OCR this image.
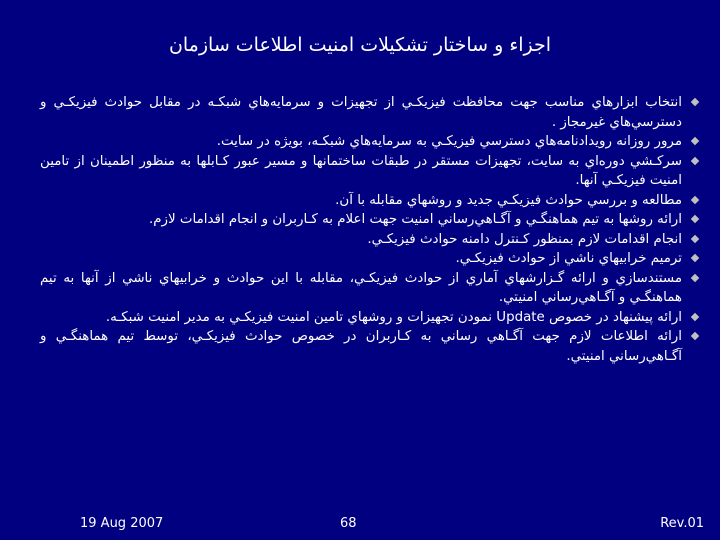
اجزاء و ساختار تشكيلات امنيت اطلاعات سازمان
انتخاب ابزارهاي مناسب جهت محافظت فيزيكـي از تجهيزات و سرمايه‌هاي شبكـه در مقابل حوادث فيزيكـي و دسترسي‌هاي غيرمجاز .
مرور روزانه رويدادنامه‌هاي دسترسي فيزيكـي به سرمايه‌هاي شبكـه، بويژه در سايت.
سركـشي دوره‌اي به سايت، تجهيزات مستقر در طبقات ساختمانها و مسير عبور كـابلها به منظور اطمينان از تامين امنيت فيزيكـي آنها.
مطالعه و بررسي حوادث فيزيكـي جديد و روشهاي مقابله با آن.
ارائه روشها به تيم هماهنگـي و آگـاهي‌رساني امنيت جهت اعلام به كـاربران و انجام اقدامات لازم.
انجام اقدامات لازم بمنظور كـنترل دامنه حوادث فيزيكـي.
ترميم خرابيهاي ناشي از حوادث فيزيكـي.
مستندسازي و ارائه گـزارشهاي آماري از حوادث فيزيكـي، مقابله با اين حوادث و خرابيهاي ناشي از آنها به تيم هماهنگـي و آگـاهي‌رساني امنيتي.
ارائه پيشنهاد در خصوص Update نمودن تجهيزات و روشهاي تامين امنيت فيزيكـي به مدير امنيت شبكـه.
ارائه اطلاعات لازم جهت آگـاهي رساني به كـاربران در خصوص حوادث فيزيكـي، توسط تيم هماهنگـي و آگـاهي‌رساني امنيتي.
19 Aug 2007	68	Rev.01
